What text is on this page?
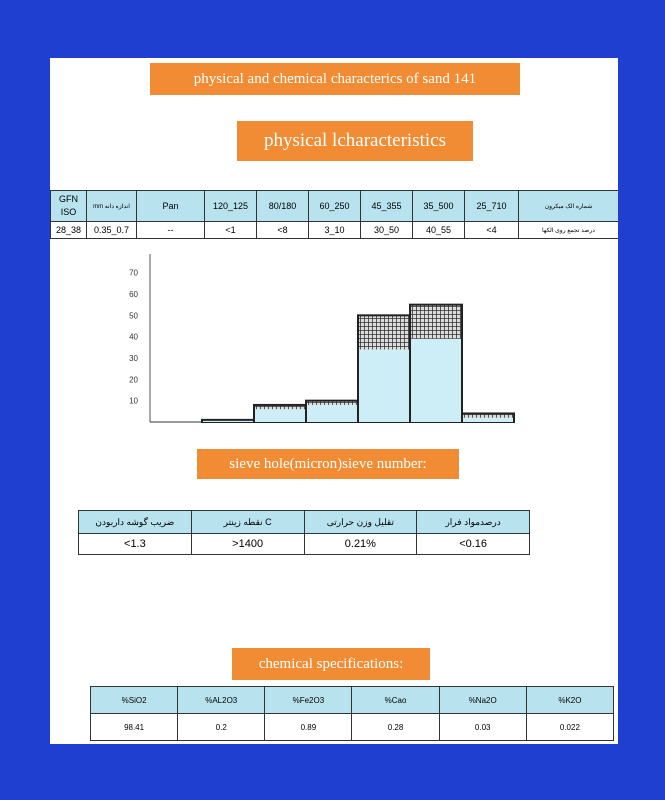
physical and chemical characterics of sand 141
physical lcharacteristics
GFN
ISO	mm اندازه دانه	Pan	120_125	80/180	60_250	45_355	35_500	25_710	شماره الک میکرون
28_38	0.35_0.7	--	<1	<8	3_10	30_50	40_55	<4	درصد تجمع روی الکها
10
20
30
40
50
60
70
sieve hole(micron)sieve number:
ضریب گوشه داربودن	نقطه زینتر C	تقلیل وزن حرارتی	درصدمواد فرار
<1.3	>1400	0.21%	<0.16
chemical specifications:
%SiO2	%AL2O3	%Fe2O3	%Cao	%Na2O	%K2O
98.41	0.2	0.89	0.28	0.03	0.022
